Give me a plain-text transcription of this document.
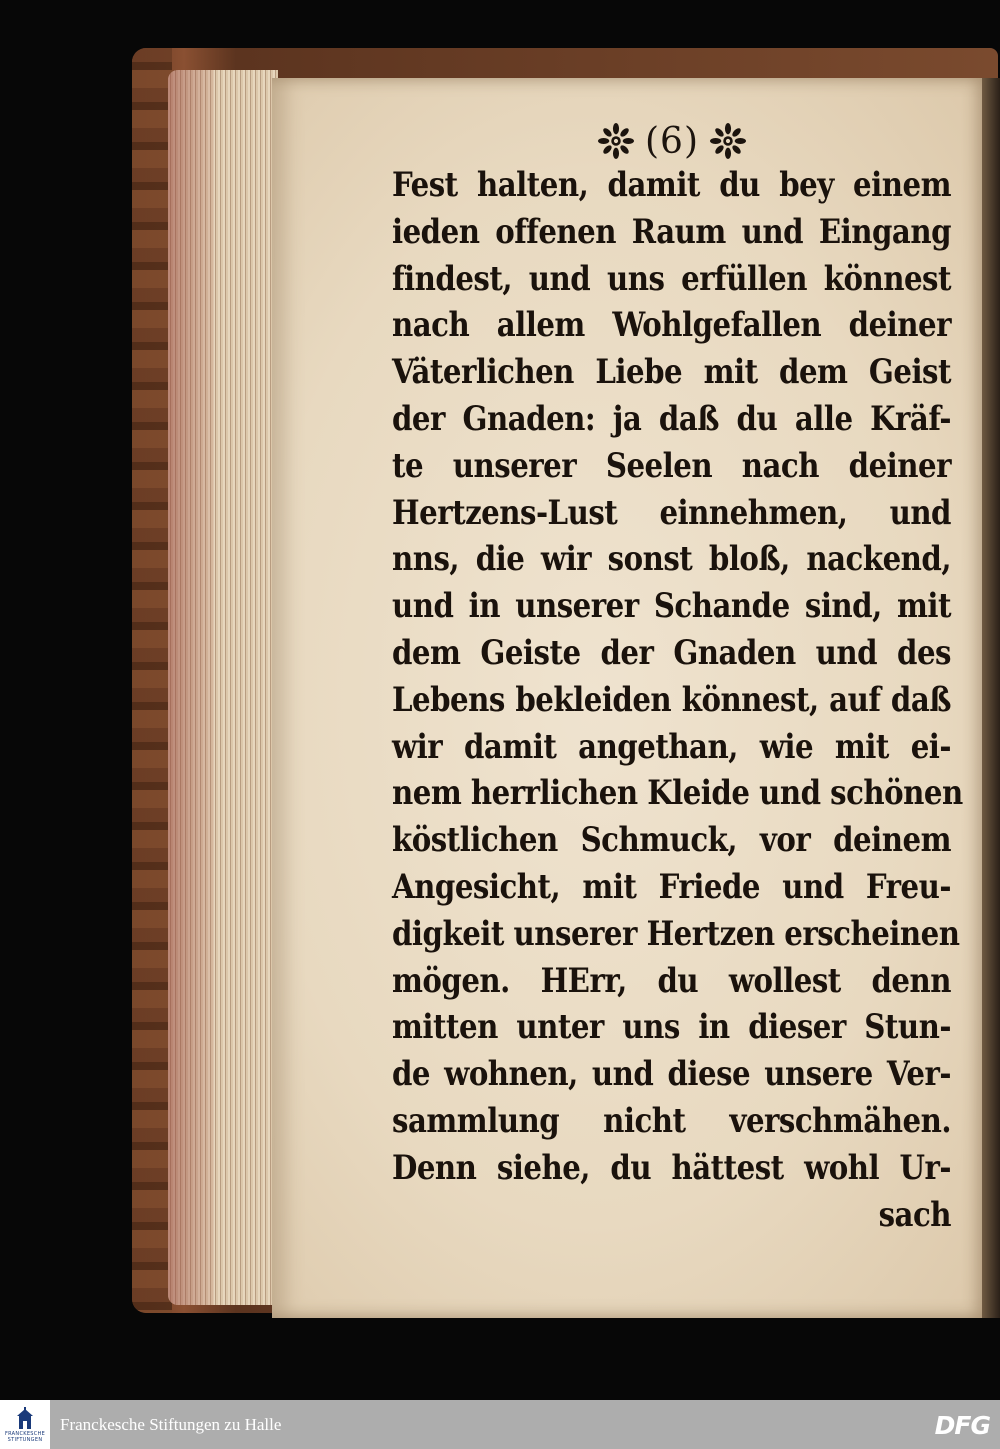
(6)
Fest halten, damit du bey einem
ieden offenen Raum und Eingang
findest, und uns erfüllen könnest
nach allem Wohlgefallen deiner
Väterlichen Liebe mit dem Geist
der Gnaden: ja daß du alle Kräf-
te unserer Seelen nach deiner
Hertzens-Lust einnehmen, und
nns, die wir sonst bloß, nackend,
und in unserer Schande sind, mit
dem Geiste der Gnaden und des
Lebens bekleiden könnest, auf daß
wir damit angethan, wie mit ei-
nem herrlichen Kleide und schönen
köstlichen Schmuck, vor deinem
Angesicht, mit Friede und Freu-
digkeit unserer Hertzen erscheinen
mögen. HErr, du wollest denn
mitten unter uns in dieser Stun-
de wohnen, und diese unsere Ver-
sammlung nicht verschmähen.
Denn siehe, du hättest wohl Ur-
sach
FRANCKESCHE
STIFTUNGEN
Franckesche Stiftungen zu Halle	DFG
